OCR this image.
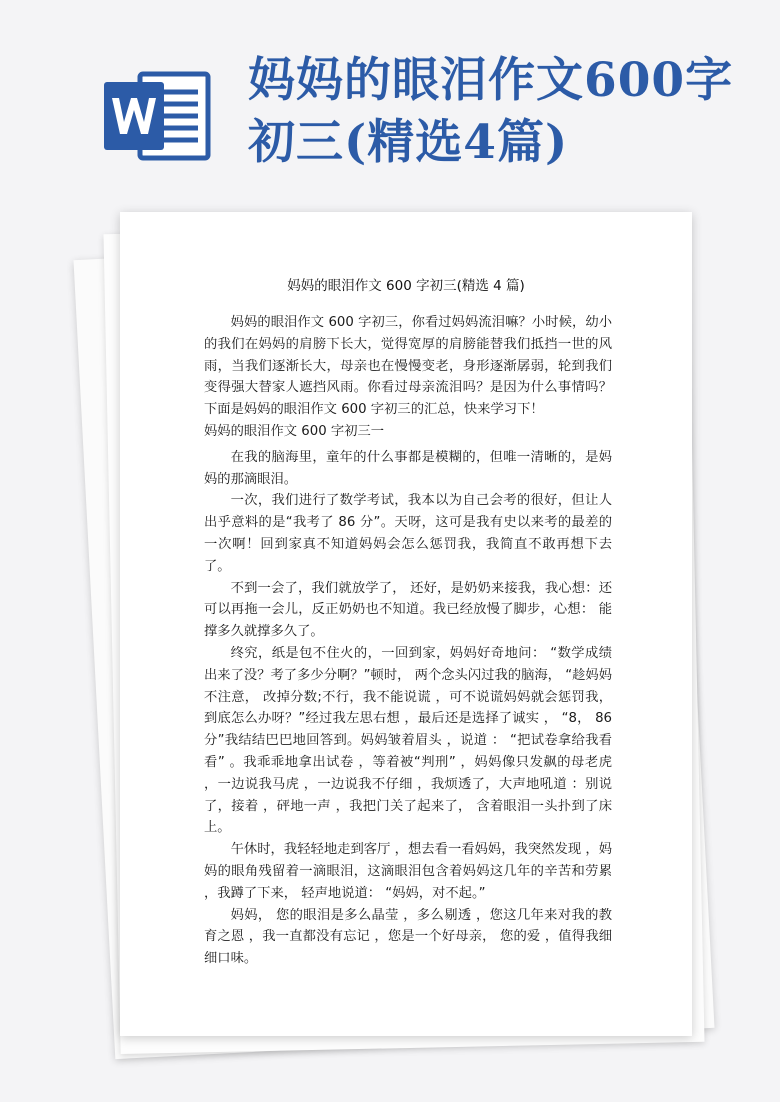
妈妈的眼泪作文600字初三(精选4篇)
妈妈的眼泪作文 600 字初三(精选 4 篇)

妈妈的眼泪作文 600 字初三，你看过妈妈流泪嘛？小时候，幼小的我们在妈妈的肩膀下长大，觉得宽厚的肩膀能替我们抵挡一世的风雨，当我们逐渐长大，母亲也在慢慢变老，身形逐渐孱弱，轮到我们变得强大替家人遮挡风雨。你看过母亲流泪吗？是因为什么事情吗？下面是妈妈的眼泪作文 600 字初三的汇总，快来学习下！

妈妈的眼泪作文 600 字初三一

在我的脑海里，童年的什么事都是模糊的，但唯一清晰的，是妈妈的那滴眼泪。

一次，我们进行了数学考试，我本以为自己会考的很好，但让人出乎意料的是“我考了 86 分”。天呀，这可是我有史以来考的最差的一次啊！回到家真不知道妈妈会怎么惩罚我，我简直不敢再想下去了。

不到一会了，我们就放学了， 还好，是奶奶来接我，我心想：还可以再拖一会儿，反正奶奶也不知道。我已经放慢了脚步，心想： 能撑多久就撑多久了。

终究，纸是包不住火的，一回到家，妈妈好奇地问： “数学成绩出来了没？考了多少分啊？”顿时， 两个念头闪过我的脑海， “趁妈妈不注意， 改掉分数;不行，我不能说谎 ，可不说谎妈妈就会惩罚我，到底怎么办呀？”经过我左思右想 ，最后还是选择了诚实 ， “8， 86分”我结结巴巴地回答到。妈妈皱着眉头 ，说道 ： “把试卷拿给我看看” 。我乖乖地拿出试卷 ，等着被“判刑” ，妈妈像只发飙的母老虎 ，一边说我马虎 ，一边说我不仔细 ，我烦透了，大声地吼道 ：别说了，接着 ，砰地一声 ，我把门关了起来了， 含着眼泪一头扑到了床上。

午休时，我轻轻地走到客厅 ，想去看一看妈妈，我突然发现 ，妈妈的眼角残留着一滴眼泪，这滴眼泪包含着妈妈这几年的辛苦和劳累 ，我蹲了下来， 轻声地说道： “妈妈，对不起。”

妈妈， 您的眼泪是多么晶莹 ，多么剔透 ，您这几年来对我的教育之恩 ，我一直都没有忘记 ，您是一个好母亲， 您的爱 ，值得我细细口味。
